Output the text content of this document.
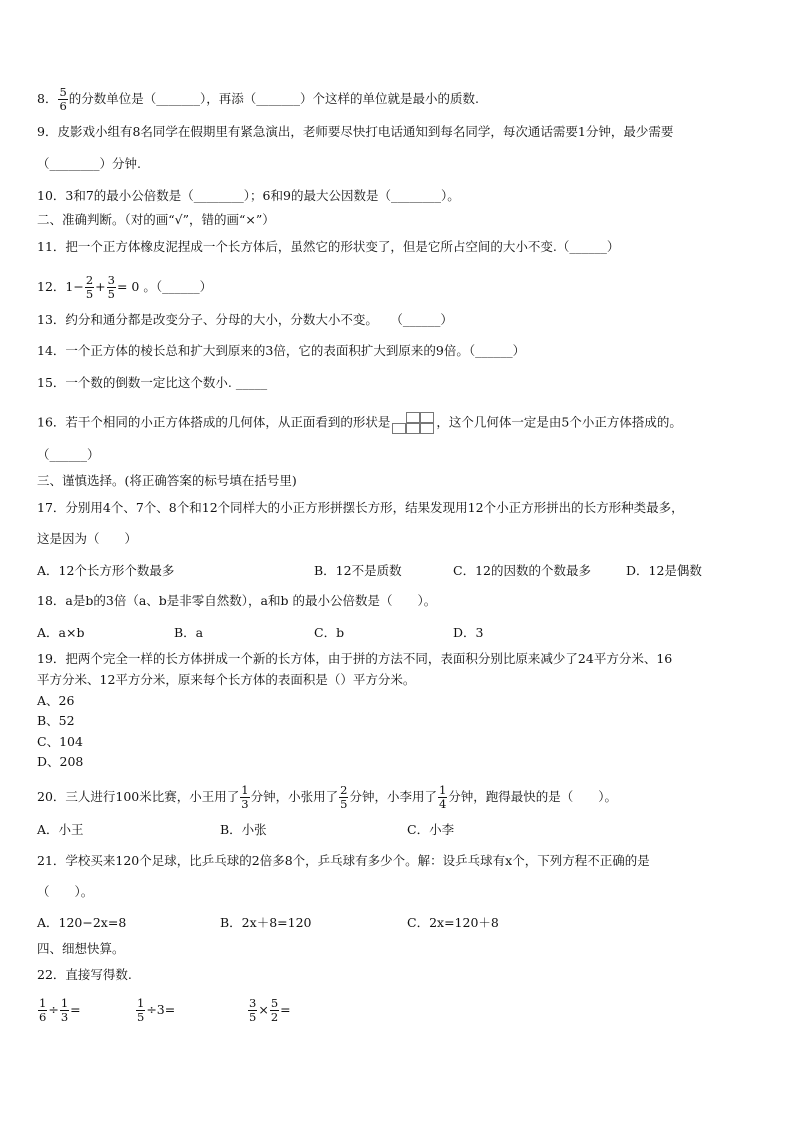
8． $\frac{5}{6}$ 的分数单位是（_______），再添（_______）个这样的单位就是最小的质数.
9．皮影戏小组有8名同学在假期里有紧急演出，老师要尽快打电话通知到每名同学，每次通话需要1分钟，最少需要
（________）分钟.
10．3和7的最小公倍数是（________）；6和9的最大公因数是（________）。
二、准确判断。（对的画“√”，错的画“×”）
11．把一个正方体橡皮泥捏成一个长方体后，虽然它的形状变了，但是它所占空间的大小不变.（______）
12．$1- \frac{2}{5} + \frac{3}{5} = 0$ 。（______）
13．约分和通分都是改变分子、分母的大小，分数大小不变。　　（______）
14．一个正方体的棱长总和扩大到原来的3倍，它的表面积扩大到原来的9倍。（______）
15．一个数的倒数一定比这个数小. _____
16．若干个相同的小正方体搭成的几何体，从正面看到的形状是	，这个几何体一定是由5个小正方体搭成的。
（______）
三、谨慎选择。(将正确答案的标号填在括号里)
17．分别用4个、7个、8个和12个同样大的小正方形拼摆长方形，结果发现用12个小正方形拼出的长方形种类最多，
这是因为（　　）
A．12个长方形个数最多	B．12不是质数	C．12的因数的个数最多	D．12是偶数
18．a是b的3倍（a、b是非零自然数），a和b 的最小公倍数是（　　）。
A．a×b	B．a	C．b	D．3
19．把两个完全一样的长方体拼成一个新的长方体，由于拼的方法不同，表面积分别比原来减少了24平方分米、16
平方分米、12平方分米，原来每个长方体的表面积是（）平方分米。
A、26
B、52
C、104
D、208
20．三人进行100米比赛，小王用了 $\frac{1}{3}$ 分钟，小张用了 $\frac{2}{5}$ 分钟，小李用了 $\frac{1}{4}$ 分钟，跑得最快的是（　　）。
A．小王	B．小张	C．小李
21．学校买来120个足球，比乒乓球的2倍多8个，乒乓球有多少个。解：设乒乓球有x个，下列方程不正确的是
（　　）。
A．120−2x=8	B．2x＋8=120	C．2x=120＋8
四、细想快算。
22．直接写得数.
$\frac{1}{6} \div \frac{1}{3}$ =	$\frac{1}{5} \div 3=$	$\frac{3}{5} \times \frac{5}{2}$ =
